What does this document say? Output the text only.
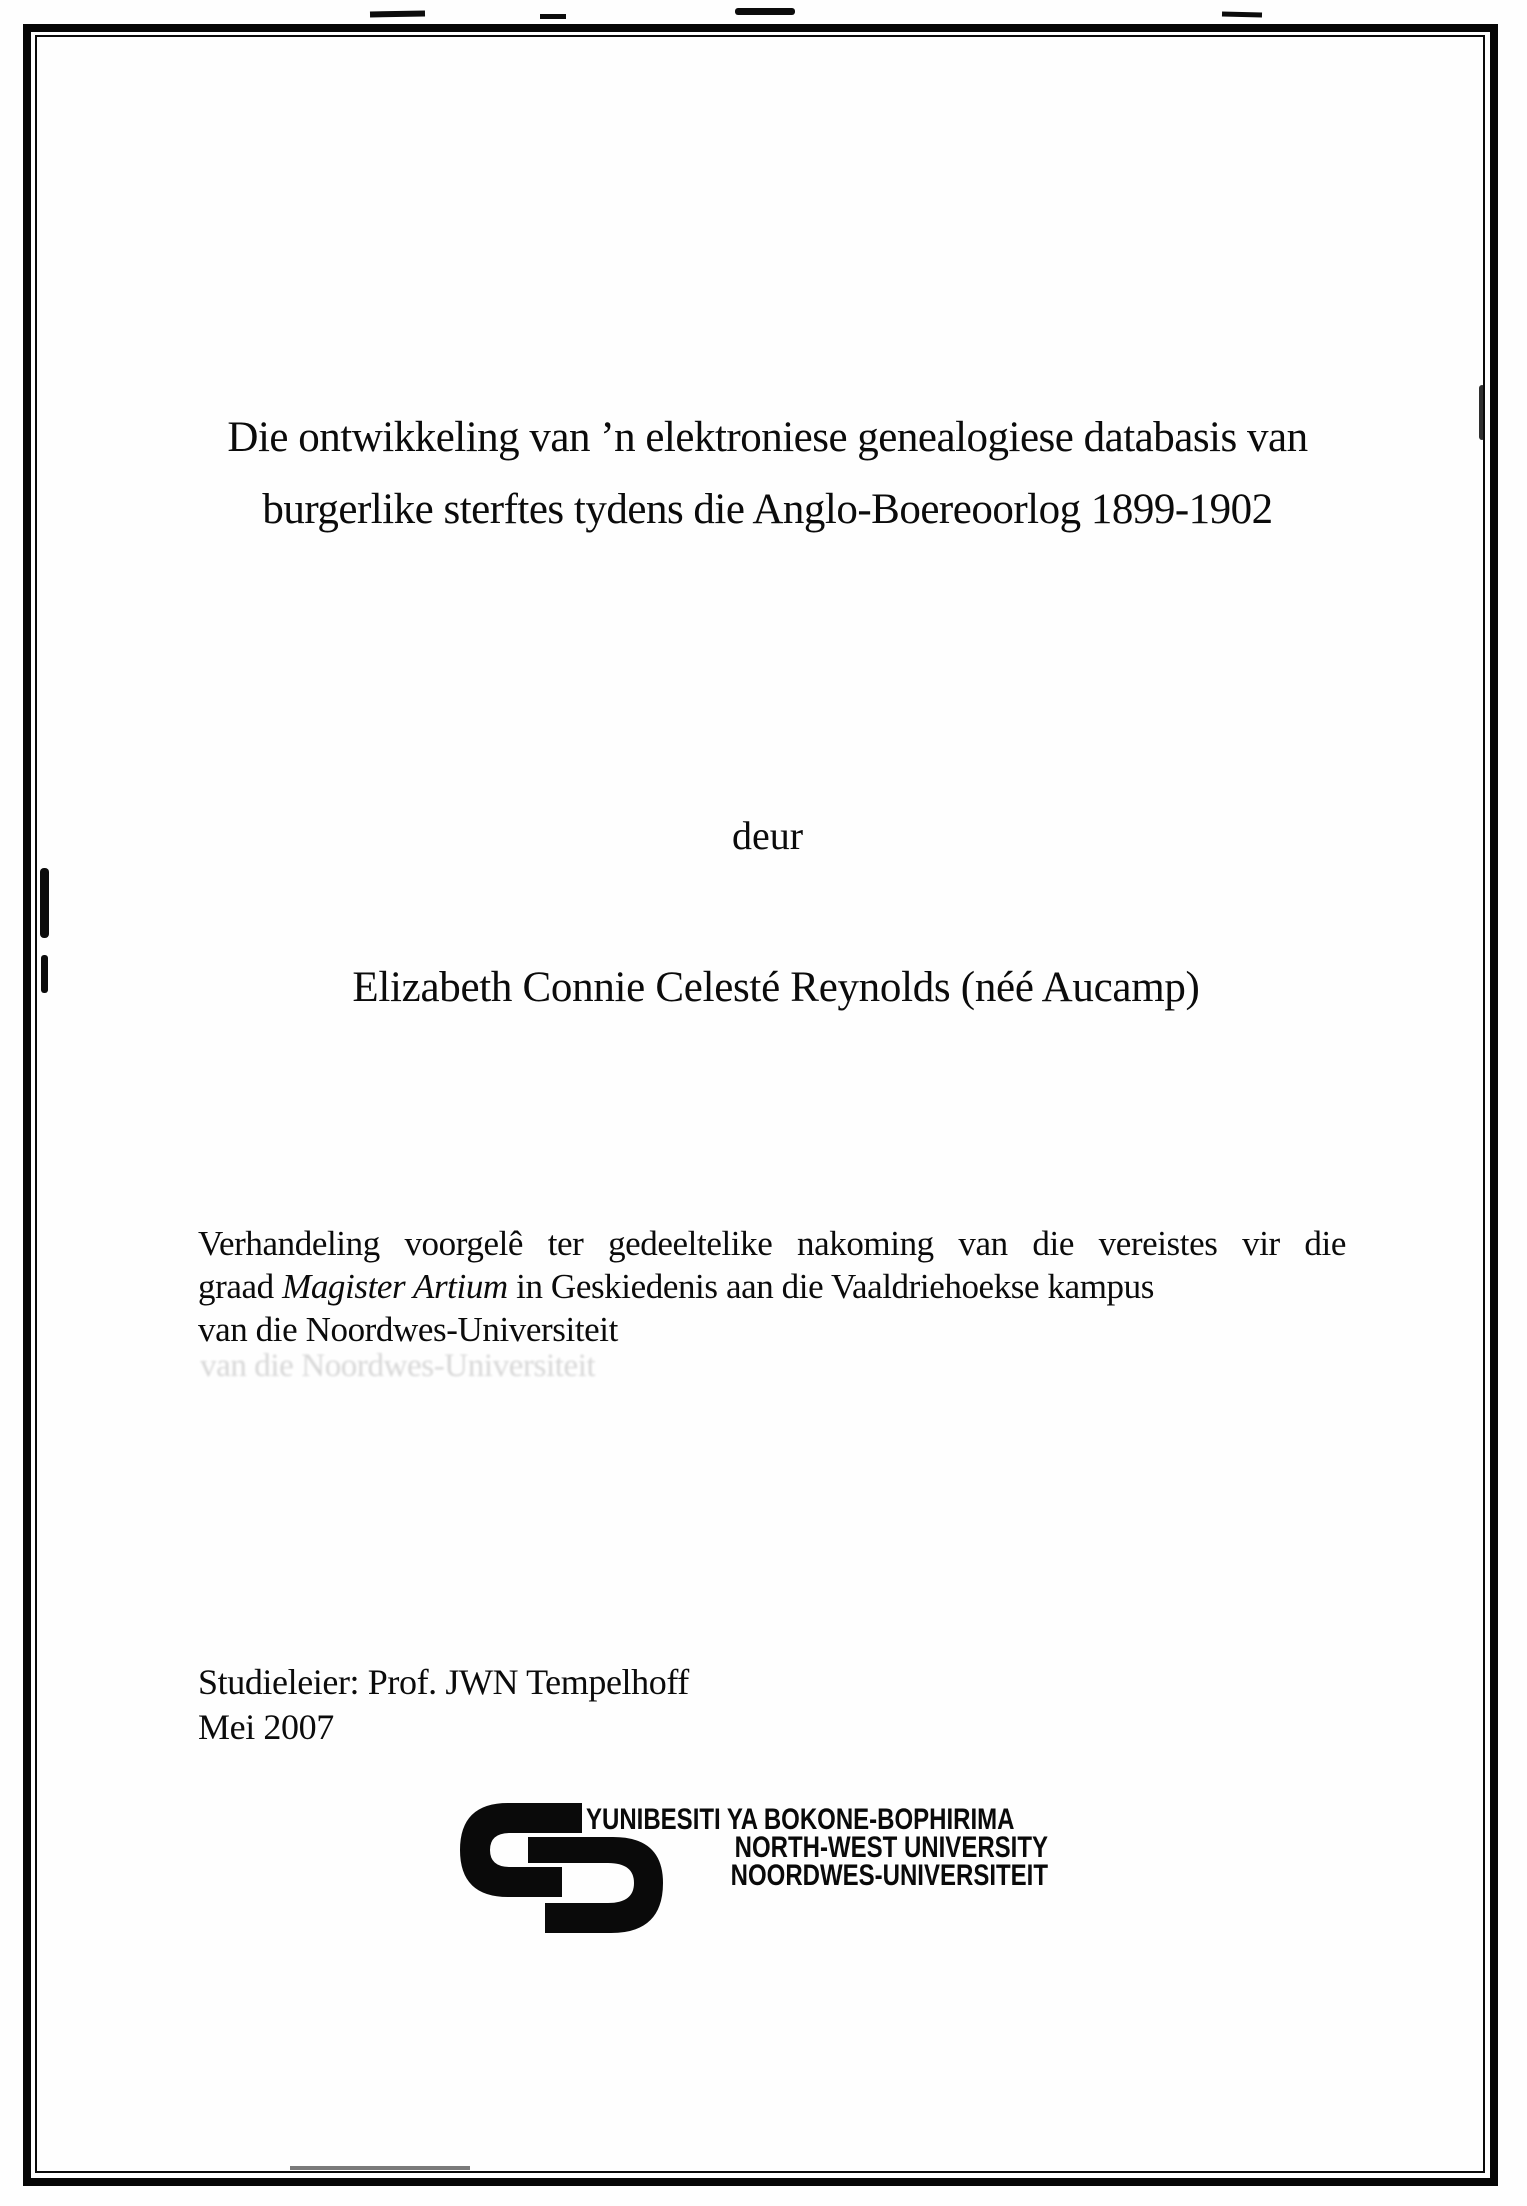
Die ontwikkeling van ’n elektroniese genealogiese databasis van
burgerlike sterftes tydens die Anglo-Boereoorlog 1899-1902
deur
Elizabeth Connie Celesté Reynolds (néé Aucamp)
Verhandeling voorgelê ter gedeeltelike nakoming van die vereistes vir die
graad Magister Artium in Geskiedenis aan die Vaaldriehoekse kampus
van die Noordwes-Universiteit
van die Noordwes-Universiteit
Studieleier: Prof. JWN Tempelhoff
Mei 2007
YUNIBESITI YA BOKONE-BOPHIRIMA
NORTH-WEST UNIVERSITY
NOORDWES-UNIVERSITEIT
